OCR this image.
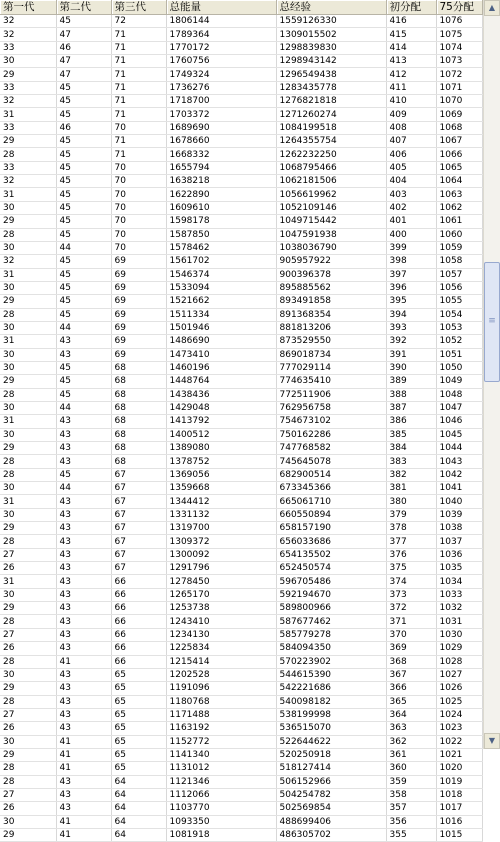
第一代	第二代	第三代	总能量	总经验	初分配	75分配
32	45	72	1806144	1559126330	416	1076
32	47	71	1789364	1309015502	415	1075
33	46	71	1770172	1298839830	414	1074
30	47	71	1760756	1298943142	413	1073
29	47	71	1749324	1296549438	412	1072
33	45	71	1736276	1283435778	411	1071
32	45	71	1718700	1276821818	410	1070
31	45	71	1703372	1271260274	409	1069
33	46	70	1689690	1084199518	408	1068
29	45	71	1678660	1264355754	407	1067
28	45	71	1668332	1262232250	406	1066
33	45	70	1655794	1068795466	405	1065
32	45	70	1638218	1062181506	404	1064
31	45	70	1622890	1056619962	403	1063
30	45	70	1609610	1052109146	402	1062
29	45	70	1598178	1049715442	401	1061
28	45	70	1587850	1047591938	400	1060
30	44	70	1578462	1038036790	399	1059
32	45	69	1561702	905957922	398	1058
31	45	69	1546374	900396378	397	1057
30	45	69	1533094	895885562	396	1056
29	45	69	1521662	893491858	395	1055
28	45	69	1511334	891368354	394	1054
30	44	69	1501946	881813206	393	1053
31	43	69	1486690	873529550	392	1052
30	43	69	1473410	869018734	391	1051
30	45	68	1460196	777029114	390	1050
29	45	68	1448764	774635410	389	1049
28	45	68	1438436	772511906	388	1048
30	44	68	1429048	762956758	387	1047
31	43	68	1413792	754673102	386	1046
30	43	68	1400512	750162286	385	1045
29	43	68	1389080	747768582	384	1044
28	43	68	1378752	745645078	383	1043
28	45	67	1369056	682900514	382	1042
30	44	67	1359668	673345366	381	1041
31	43	67	1344412	665061710	380	1040
30	43	67	1331132	660550894	379	1039
29	43	67	1319700	658157190	378	1038
28	43	67	1309372	656033686	377	1037
27	43	67	1300092	654135502	376	1036
26	43	67	1291796	652450574	375	1035
31	43	66	1278450	596705486	374	1034
30	43	66	1265170	592194670	373	1033
29	43	66	1253738	589800966	372	1032
28	43	66	1243410	587677462	371	1031
27	43	66	1234130	585779278	370	1030
26	43	66	1225834	584094350	369	1029
28	41	66	1215414	570223902	368	1028
30	43	65	1202528	544615390	367	1027
29	43	65	1191096	542221686	366	1026
28	43	65	1180768	540098182	365	1025
27	43	65	1171488	538199998	364	1024
26	43	65	1163192	536515070	363	1023
30	41	65	1152772	522644622	362	1022
29	41	65	1141340	520250918	361	1021
28	41	65	1131012	518127414	360	1020
28	43	64	1121346	506152966	359	1019
27	43	64	1112066	504254782	358	1018
26	43	64	1103770	502569854	357	1017
30	41	64	1093350	488699406	356	1016
29	41	64	1081918	486305702	355	1015
▲
≡
▼
